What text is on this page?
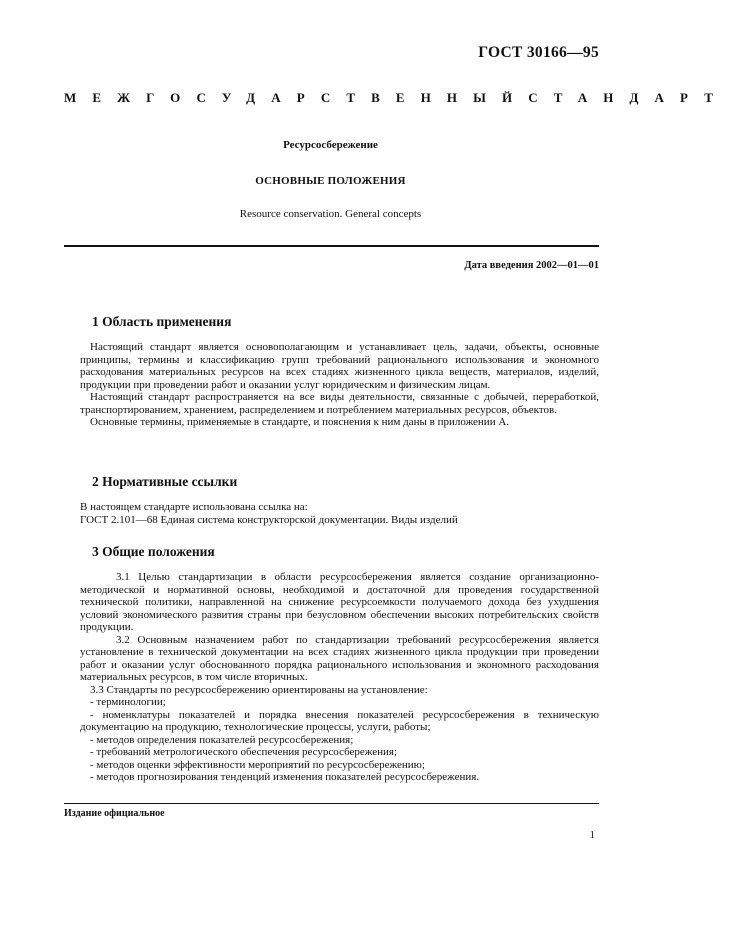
ГОСТ 30166—95
МЕЖГОСУДАРСТВЕННЫЙ СТАНДАРТ
Ресурсосбережение
ОСНОВНЫЕ ПОЛОЖЕНИЯ
Resource conservation. General concepts
Дата введения 2002—01—01
1 Область применения

Настоящий стандарт является основополагающим и устанавливает цель, задачи, объекты, основные принципы, термины и классификацию групп требований рационального использования и экономного расходования материальных ресурсов на всех стадиях жизненного цикла веществ, материалов, изделий, продукции при проведении работ и оказании услуг юридическим и физическим лицам.

Настоящий стандарт распространяется на все виды деятельности, связанные с добычей, переработкой, транспортированием, хранением, распределением и потреблением материальных ресурсов, объектов.

Основные термины, применяемые в стандарте, и пояснения к ним даны в приложении А.

2 Нормативные ссылки

В настоящем стандарте использована ссылка на:

ГОСТ 2.101—68 Единая система конструкторской документации. Виды изделий

3 Общие положения

3.1 Целью стандартизации в области ресурсосбережения является создание организационно-методической и нормативной основы, необходимой и достаточной для проведения государственной технической политики, направленной на снижение ресурсоемкости получаемого дохода без ухудшения условий экономического развития страны при безусловном обеспечении высоких потребительских свойств продукции.

3.2 Основным назначением работ по стандартизации требований ресурсосбережения является установление в технической документации на всех стадиях жизненного цикла продукции при проведении работ и оказании услуг обоснованного порядка рационального использования и экономного расходования материальных ресурсов, в том числе вторичных.

3.3 Стандарты по ресурсосбережению ориентированы на установление:

- терминологии;

- номенклатуры показателей и порядка внесения показателей ресурсосбережения в техническую документацию на продукцию, технологические процессы, услуги, работы;

- методов определения показателей ресурсосбережения;

- требований метрологического обеспечения ресурсосбережения;

- методов оценки эффективности мероприятий по ресурсосбережению;

- методов прогнозирования тенденций изменения показателей ресурсосбережения.

Издание официальное
1
